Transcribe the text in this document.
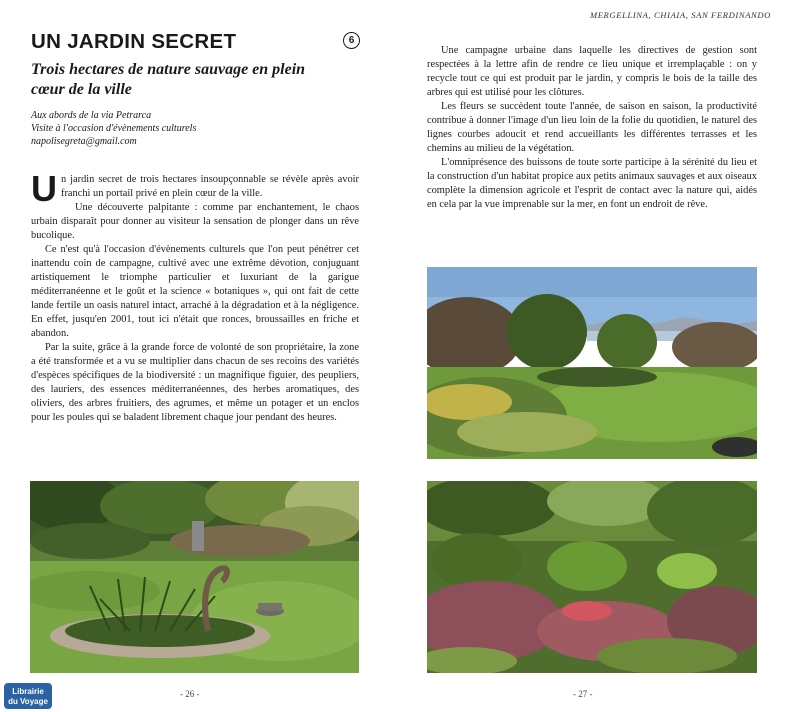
UN JARDIN SECRET	6
Trois hectares de nature sauvage en plein cœur de la ville
Aux abords de la via Petrarca
Visite à l'occasion d'évènements culturels
napolisegreta@gmail.com

Un jardin secret de trois hectares insoupçonnable se révèle après avoir franchi un portail privé en plein cœur de la ville.

Une découverte palpitante : comme par enchantement, le chaos urbain disparaît pour donner au visiteur la sensation de plonger dans un rêve bucolique.

Ce n'est qu'à l'occasion d'évènements culturels que l'on peut pénétrer cet inattendu coin de campagne, cultivé avec une extrême dévotion, conjuguant artistiquement le triomphe particulier et luxuriant de la garigue méditerranéenne et le goût et la science « botaniques », qui ont fait de cette lande fertile un oasis naturel intact, arraché à la dégradation et à la négligence. En effet, jusqu'en 2001, tout ici n'était que ronces, broussailles en friche et abandon.

Par la suite, grâce à la grande force de volonté de son propriétaire, la zone a été transformée et a vu se multiplier dans chacun de ses recoins des variétés d'espèces spécifiques de la biodiversité : un magnifique figuier, des peupliers, des lauriers, des essences méditerranéennes, des herbes aromatiques, des oliviers, des arbres fruitiers, des agrumes, et même un potager et un enclos pour les poules qui se baladent librement chaque jour pendant des heures.

Librairie
du Voyage
- 26 -
MERGELLINA, CHIAIA, SAN FERDINANDO

Une campagne urbaine dans laquelle les directives de gestion sont respectées à la lettre afin de rendre ce lieu unique et irremplaçable : on y recycle tout ce qui est produit par le jardin, y compris le bois de la taille des arbres qui est utilisé pour les clôtures.

Les fleurs se succèdent toute l'année, de saison en saison, la productivité contribue à donner l'image d'un lieu loin de la folie du quotidien, le naturel des lignes courbes adoucit et rend accueillants les différentes terrasses et les chemins au milieu de la végétation.

L'omniprésence des buissons de toute sorte participe à la sérénité du lieu et la construction d'un habitat propice aux petits animaux sauvages et aux oiseaux complète la dimension agricole et l'esprit de contact avec la nature qui, aidés en cela par la vue imprenable sur la mer, en font un endroit de rêve.

- 27 -
